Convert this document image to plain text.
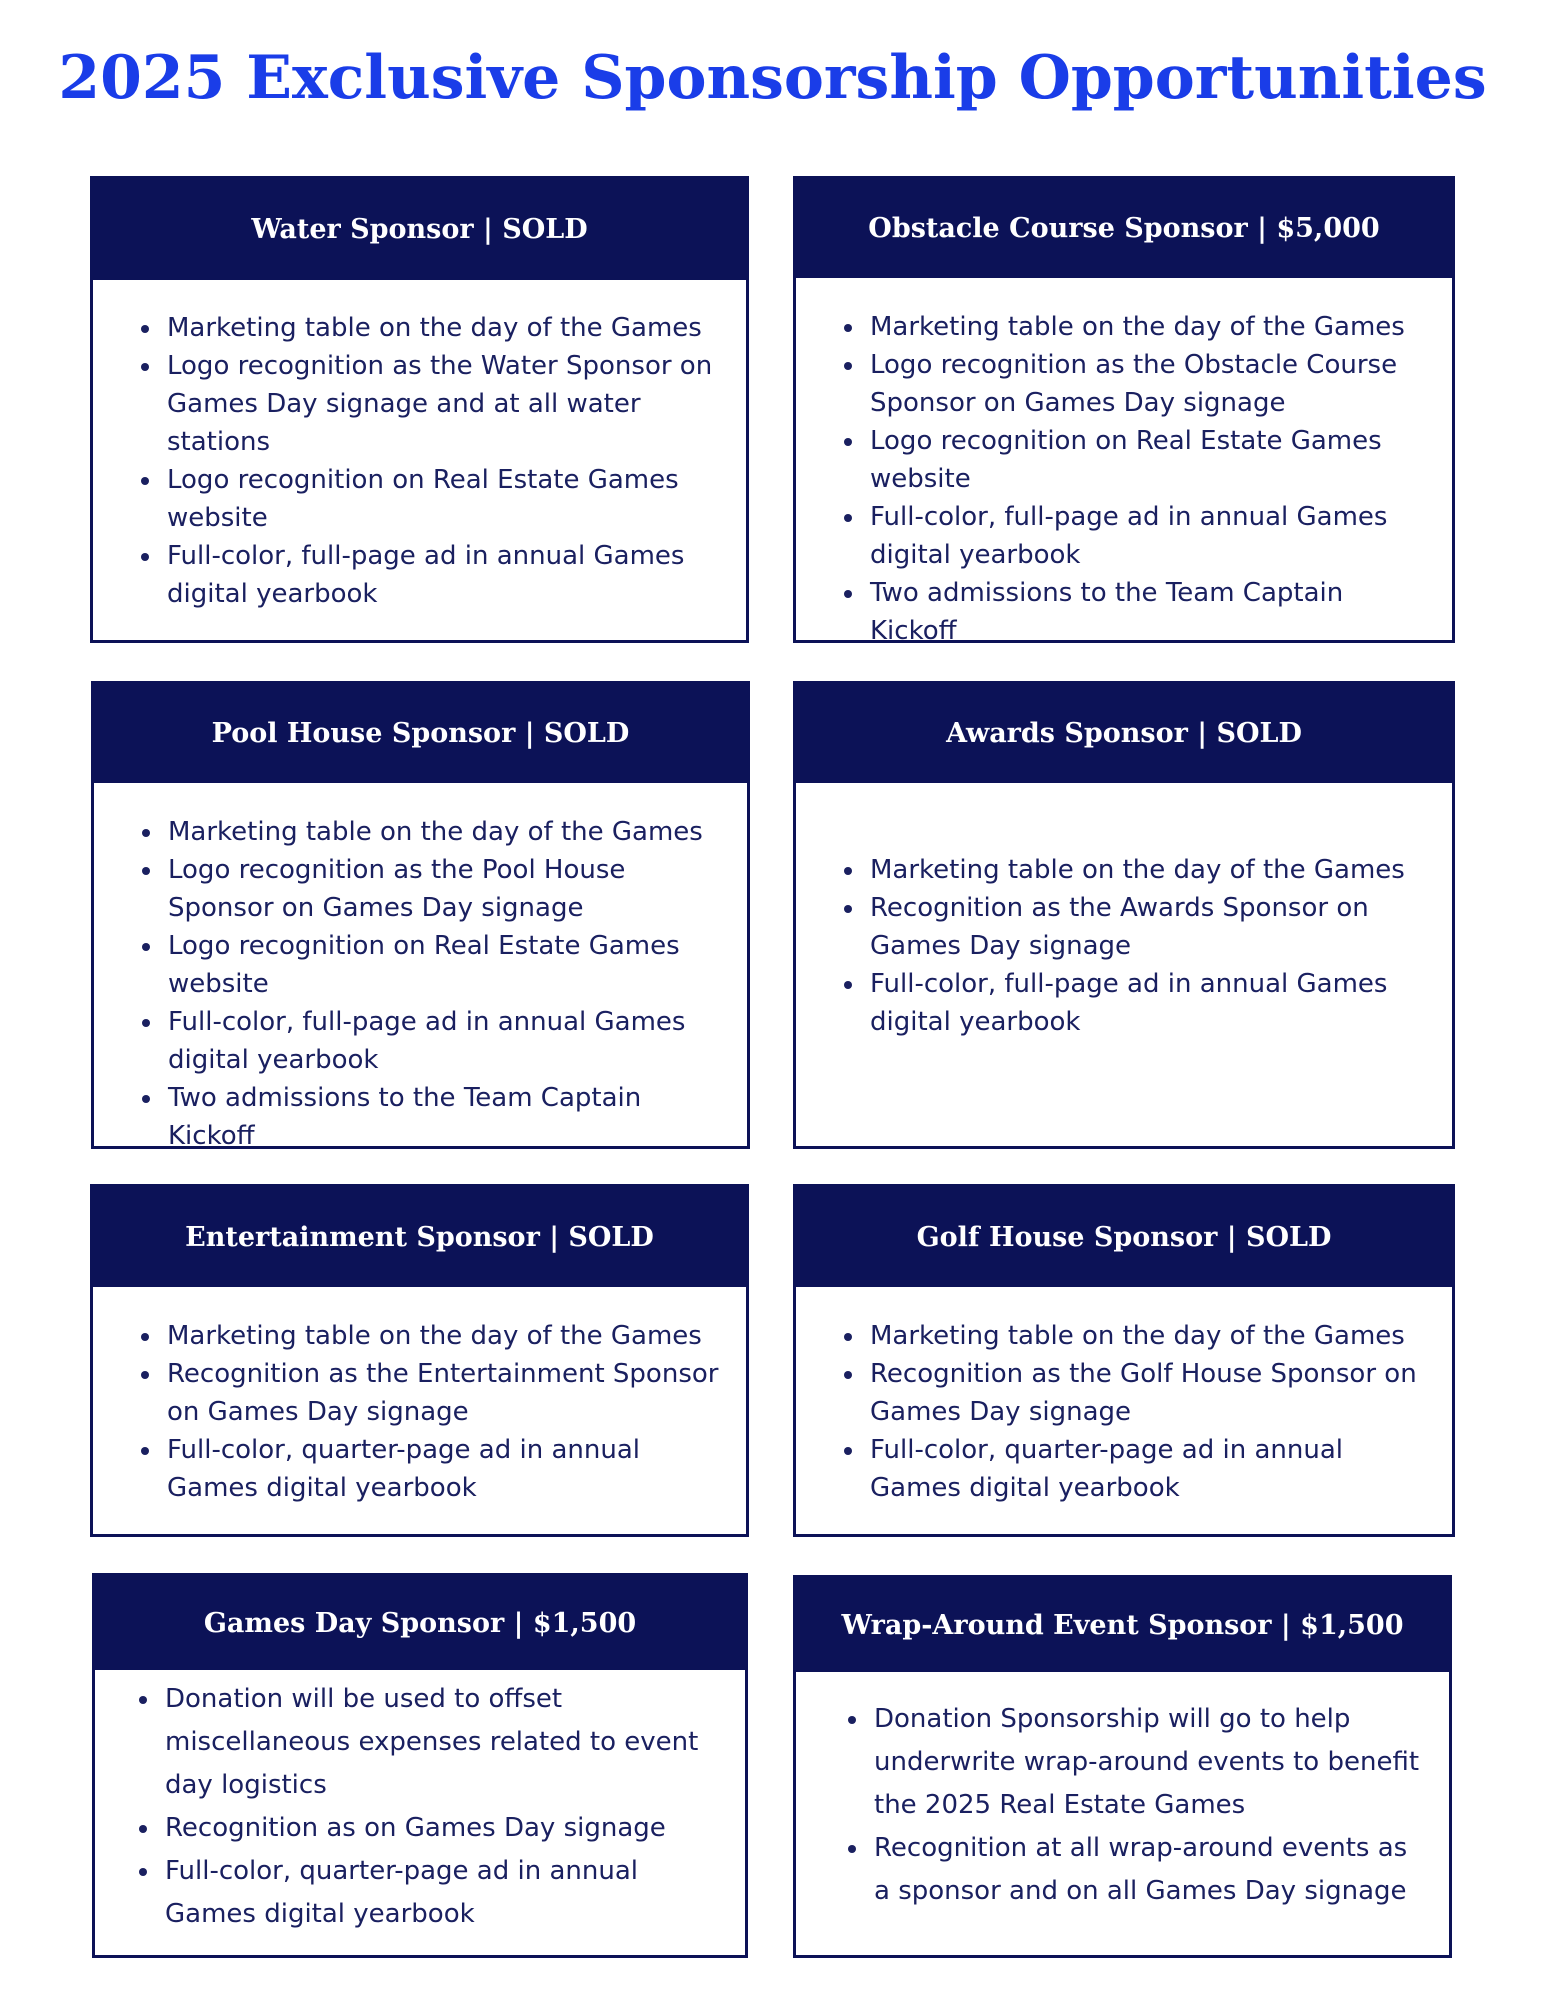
2025 Exclusive Sponsorship Opportunities
Water Sponsor | SOLD
• Marketing table on the day of the Games
• Logo recognition as the Water Sponsor on Games Day signage and at all water stations
• Logo recognition on Real Estate Games website
• Full-color, full-page ad in annual Games digital yearbook
Obstacle Course Sponsor | $5,000
• Marketing table on the day of the Games
• Logo recognition as the Obstacle Course Sponsor on Games Day signage
• Logo recognition on Real Estate Games website
• Full-color, full-page ad in annual Games digital yearbook
• Two admissions to the Team Captain Kickoff
Pool House Sponsor | SOLD
• Marketing table on the day of the Games
• Logo recognition as the Pool House Sponsor on Games Day signage
• Logo recognition on Real Estate Games website
• Full-color, full-page ad in annual Games digital yearbook
• Two admissions to the Team Captain Kickoff
Awards Sponsor | SOLD
• Marketing table on the day of the Games
• Recognition as the Awards Sponsor on Games Day signage
• Full-color, full-page ad in annual Games digital yearbook
Entertainment Sponsor | SOLD
• Marketing table on the day of the Games
• Recognition as the Entertainment Sponsor on Games Day signage
• Full-color, quarter-page ad in annual Games digital yearbook
Golf House Sponsor | SOLD
• Marketing table on the day of the Games
• Recognition as the Golf House Sponsor on Games Day signage
• Full-color, quarter-page ad in annual Games digital yearbook
Games Day Sponsor | $1,500
• Donation will be used to offset miscellaneous expenses related to event day logistics
• Recognition as on Games Day signage
• Full-color, quarter-page ad in annual Games digital yearbook
Wrap-Around Event Sponsor | $1,500
• Donation Sponsorship will go to help underwrite wrap-around events to benefit the 2025 Real Estate Games
• Recognition at all wrap-around events as a sponsor and on all Games Day signage
